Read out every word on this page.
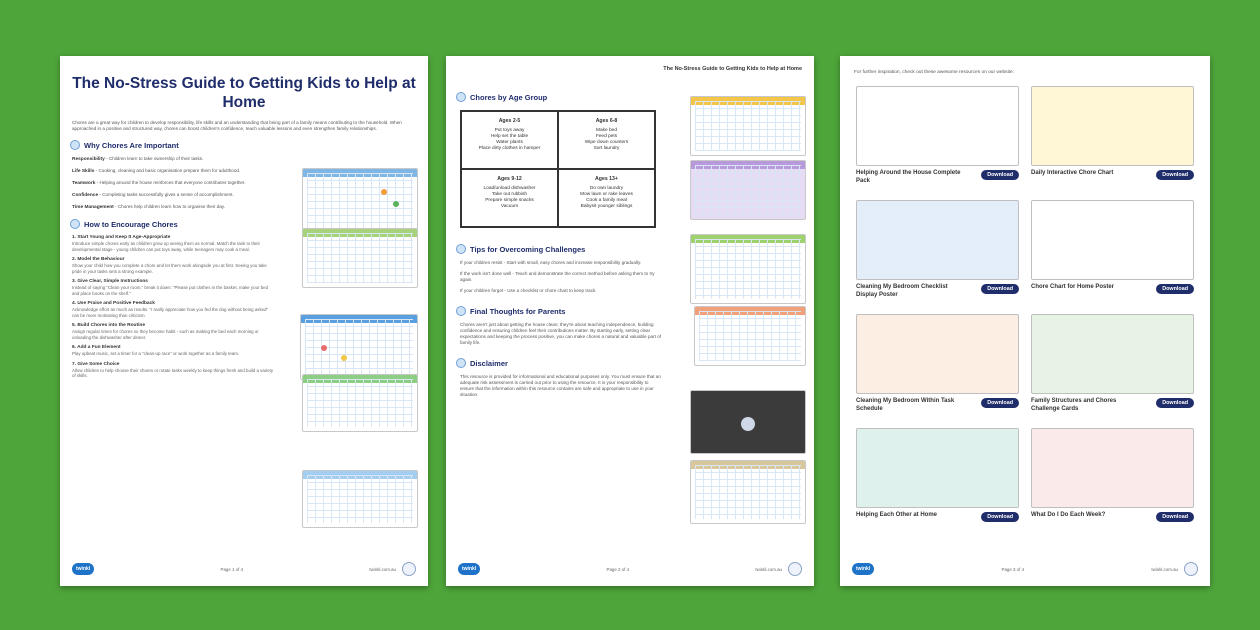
The No-Stress Guide to Getting Kids to Help at Home
Chores are a great way for children to develop responsibility, life skills and an understanding that being part of a family means contributing to the household. When approached in a positive and structured way, chores can boost children's confidence, teach valuable lessons and even strengthen family relationships.
Why Chores Are Important
Responsibility - Children learn to take ownership of their tasks.
Life Skills - Cooking, cleaning and basic organisation prepare them for adulthood.
Teamwork - Helping around the house reinforces that everyone contributes together.
Confidence - Completing tasks successfully gives a sense of accomplishment.
Time Management - Chores help children learn how to organise their day.
How to Encourage Chores
1. Start Young and Keep It Age-Appropriate
Introduce simple chores early as children grow up seeing them as normal. Match the task to their developmental stage - young children can put toys away, while teenagers may cook a meal.
2. Model the Behaviour
Show your child how you complete a chore and let them work alongside you at first. Seeing you take pride in your tasks sets a strong example.
3. Give Clear, Simple Instructions
Instead of saying "Clean your room," break it down: "Please put clothes in the basket, make your bed and place books on the shelf."
4. Use Praise and Positive Feedback
Acknowledge effort as much as results. "I really appreciate how you fed the dog without being asked" can be more motivating than criticism.
5. Build Chores into the Routine
Assign regular times for chores so they become habit - such as making the bed each morning or unloading the dishwasher after dinner.
6. Add a Fun Element
Play upbeat music, set a timer for a "clean-up race" or work together as a family team.
7. Give Some Choice
Allow children to help choose their chores or rotate tasks weekly to keep things fresh and build a variety of skills.
twinkl	Page 1 of 4	twinkl.com.au
The No-Stress Guide to Getting Kids to Help at Home
Chores by Age Group
Ages 2-5
Put toys away
Help set the table
Water plants
Place dirty clothes in hamper
Ages 6-8
Make bed
Feed pets
Wipe down counters
Sort laundry
Ages 9-12
Load/unload dishwasher
Take out rubbish
Prepare simple snacks
Vacuum
Ages 13+
Do own laundry
Mow lawn or rake leaves
Cook a family meal
Babysit younger siblings
Tips for Overcoming Challenges
If your children resist - Start with small, easy chores and increase responsibility gradually.
If the work isn't done well - Teach and demonstrate the correct method before asking them to try again.
If your children forget - Use a checklist or chore chart to keep track.
Final Thoughts for Parents
Chores aren't just about getting the house clean; they're about teaching independence, building confidence and ensuring children feel their contributions matter. By starting early, setting clear expectations and keeping the process positive, you can make chores a natural and valuable part of family life.
Disclaimer
This resource is provided for informational and educational purposes only. You must ensure that an adequate risk assessment is carried out prior to using the resource. It is your responsibility to ensure that the information within this resource contains are safe and appropriate to use in your situation.
twinkl	Page 2 of 4	twinkl.com.au
For further inspiration, check out these awesome resources on our website:
Helping Around the House Complete Pack
Download	Daily Interactive Chore Chart	Download
Cleaning My Bedroom Checklist Display Poster
Download	Chore Chart for Home Poster	Download
Cleaning My Bedroom Within Task Schedule
Download	Family Structures and Chores Challenge Cards
Download
Helping Each Other at Home	Download	What Do I Do Each Week?	Download
twinkl	Page 3 of 4	twinkl.com.au
